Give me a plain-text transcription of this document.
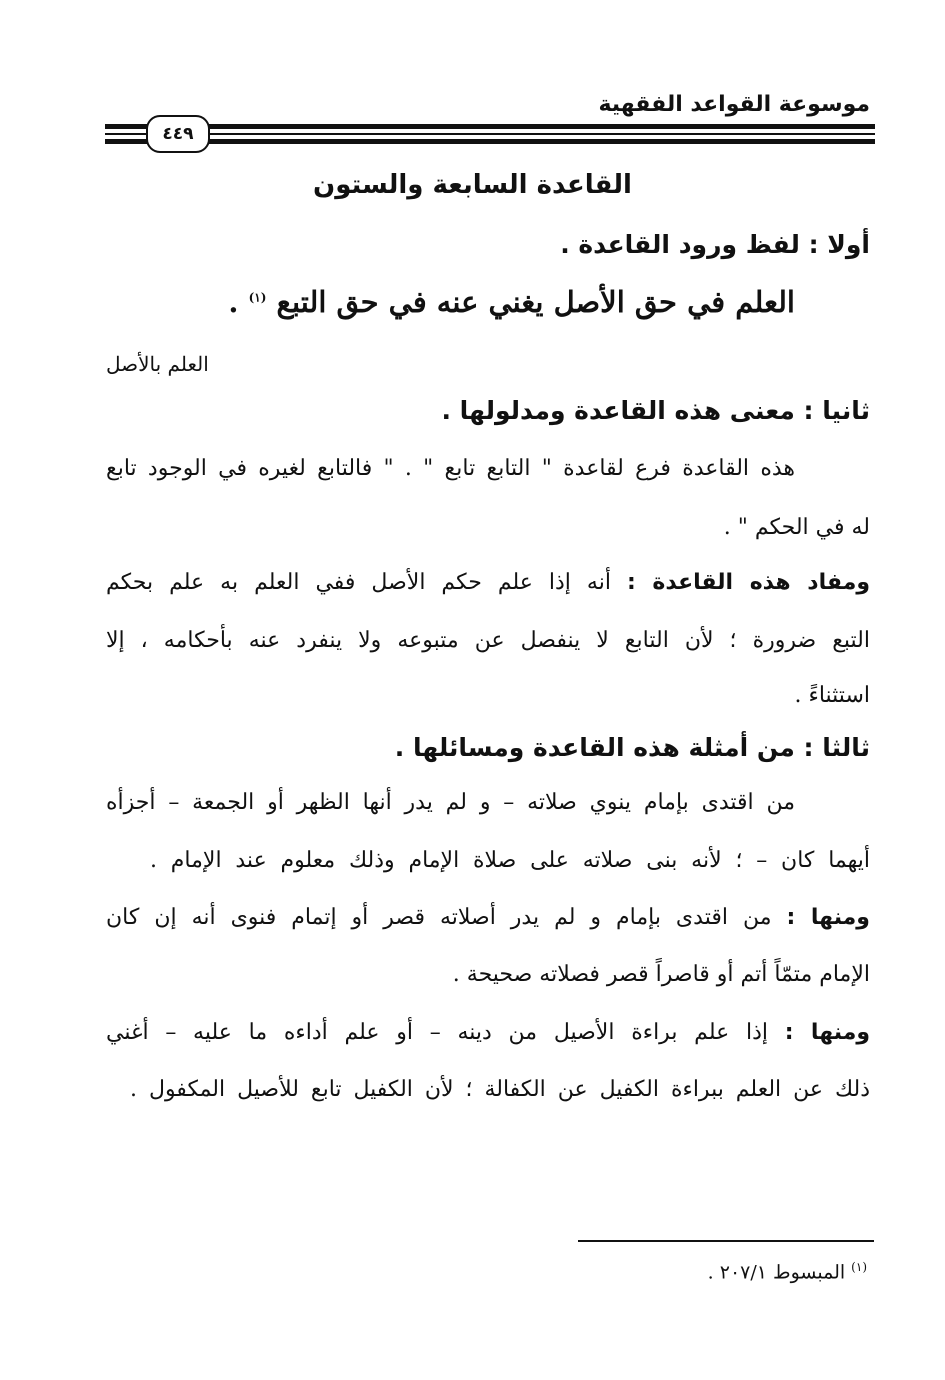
موسوعة القواعد الفقهية
٤٤٩
القاعدة السابعة والستون
أولا : لفظ ورود القاعدة .
العلم في حق الأصل يغني عنه في حق التبع $^{(١)}$ .
العلم بالأصل
ثانيا : معنى هذه القاعدة ومدلولها .
هذه القاعدة فرع لقاعدة " التابع تابع " . " فالتابع لغيره في الوجود تابع
له في الحكم " .
ومفاد هذه القاعدة : أنه إذا علم حكم الأصل ففي العلم به علم بحكم
التبع ضرورة ؛ لأن التابع لا ينفصل عن متبوعه ولا ينفرد عنه بأحكامه ، إلا
استثناءً .
ثالثا : من أمثلة هذه القاعدة ومسائلها .
من اقتدى بإمام ينوي صلاته – و لم يدر أنها الظهر أو الجمعة – أجزأه
أيهما كان – ؛ لأنه بنى صلاته على صلاة الإمام وذلك معلوم عند الإمام .
ومنها : من اقتدى بإمام و لم يدر أصلاته قصر أو إتمام فنوى أنه إن كان
الإمام متمّاً أتم أو قاصراً قصر فصلاته صحيحة .
ومنها : إذا علم براءة الأصيل من دينه – أو علم أداءه ما عليه – أغني
ذلك عن العلم ببراءة الكفيل عن الكفالة ؛ لأن الكفيل تابع للأصيل المكفول .
$^{(١)}$ المبسوط ٢٠٧/١ .
